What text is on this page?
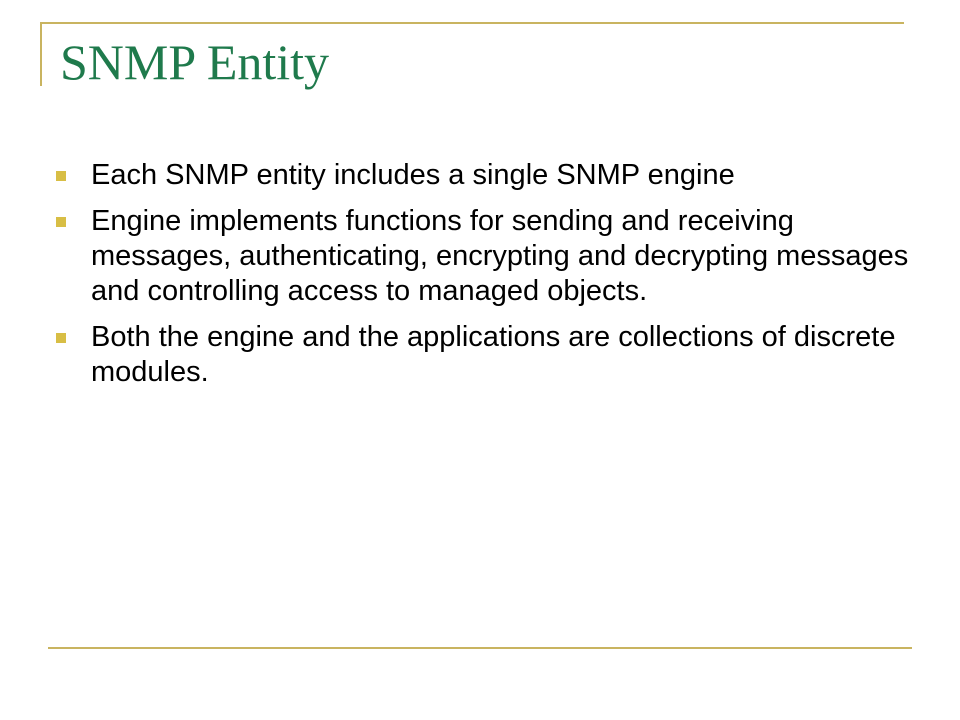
SNMP Entity
Each SNMP entity includes a single SNMP engine
Engine implements functions for sending and receiving messages, authenticating, encrypting and decrypting messages and controlling access to managed objects.
Both the engine and the applications are collections of discrete modules.
